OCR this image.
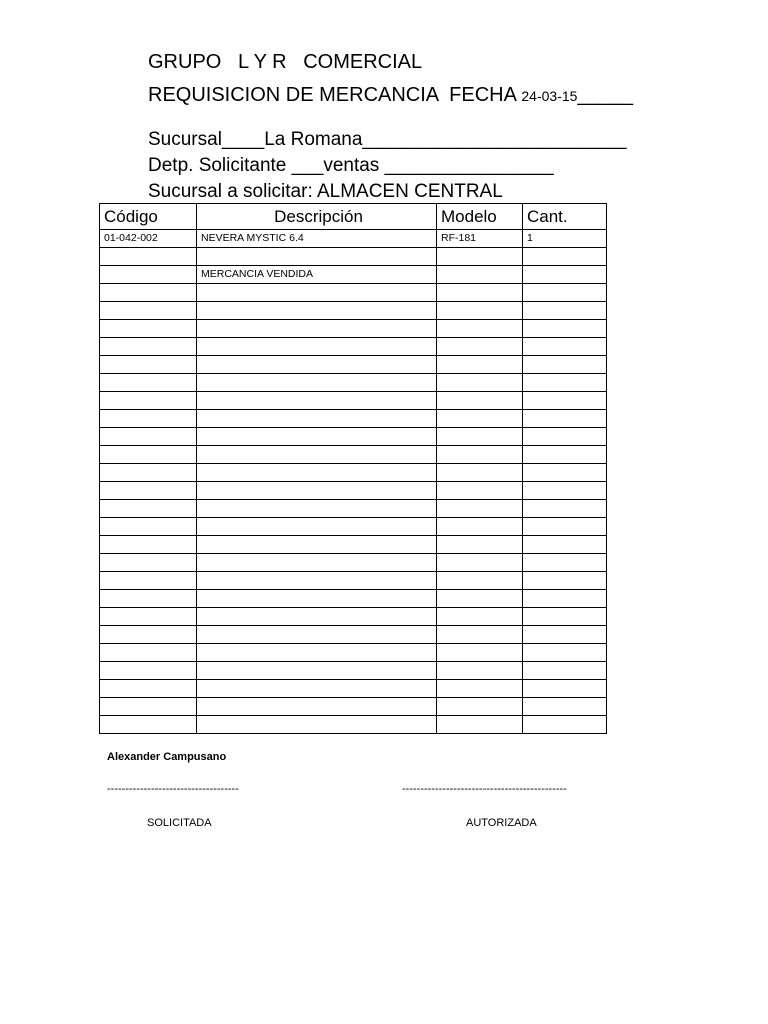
GRUPO   L Y R   COMERCIAL
REQUISICION DE MERCANCIA  FECHA 24-03-15_____
Sucursal____La Romana_________________________
Detp. Solicitante ___ventas ________________
Sucursal a solicitar: ALMACEN CENTRAL
Código	Descripción	Modelo	Cant.
01-042-002	NEVERA MYSTIC 6.4	RF-181	1

	MERCANCIA VENDIDA		

Alexander Campusano
------------------------------------	---------------------------------------------
SOLICITADA	AUTORIZADA
